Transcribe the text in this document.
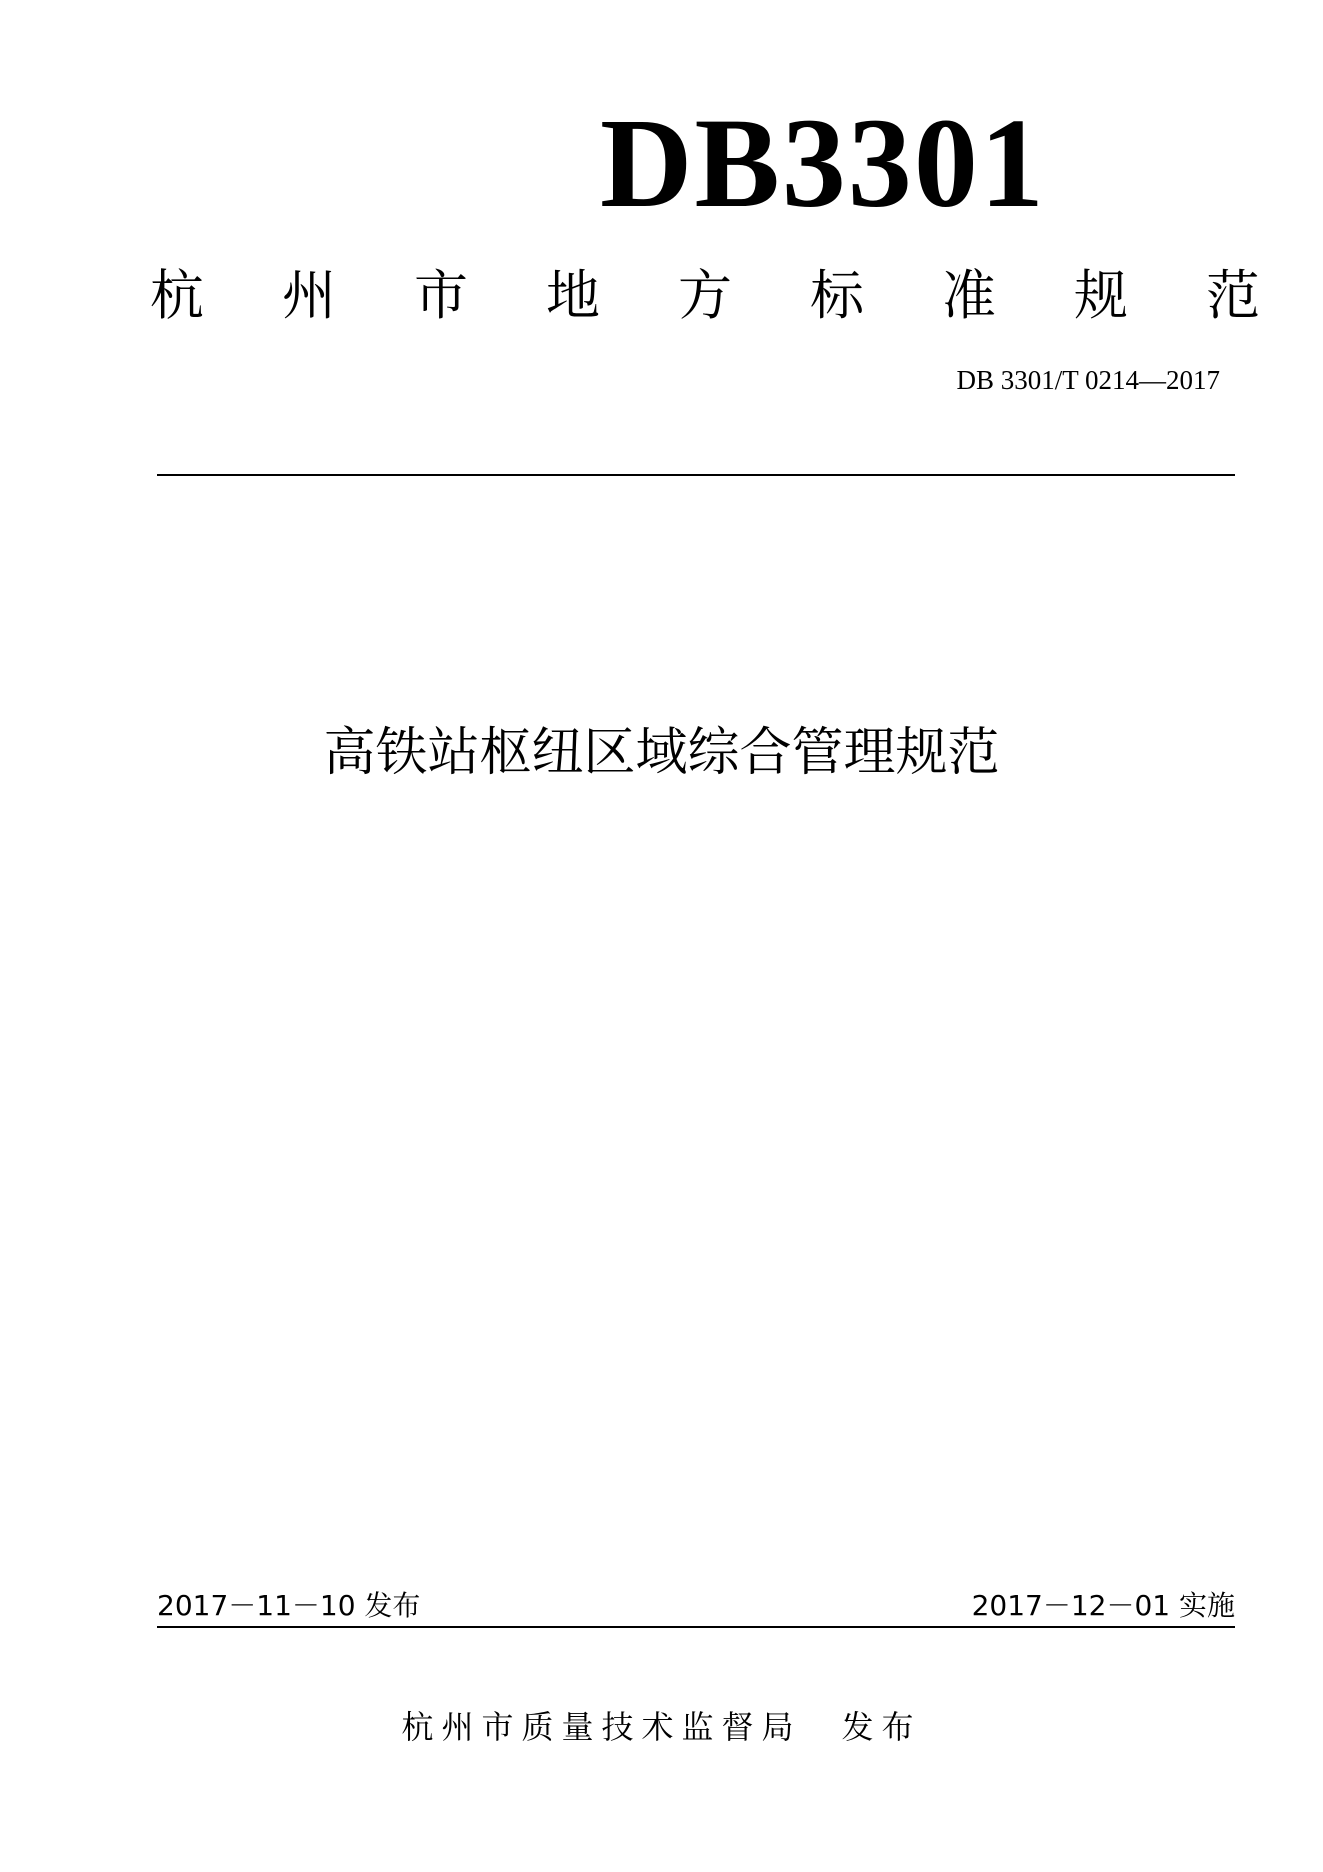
DB3301
杭 州 市 地 方 标 准 规 范
DB 3301/T 0214—2017
高铁站枢纽区域综合管理规范
2017－11－10 发布	2017－12－01 实施
杭州市质量技术监督局 发布
